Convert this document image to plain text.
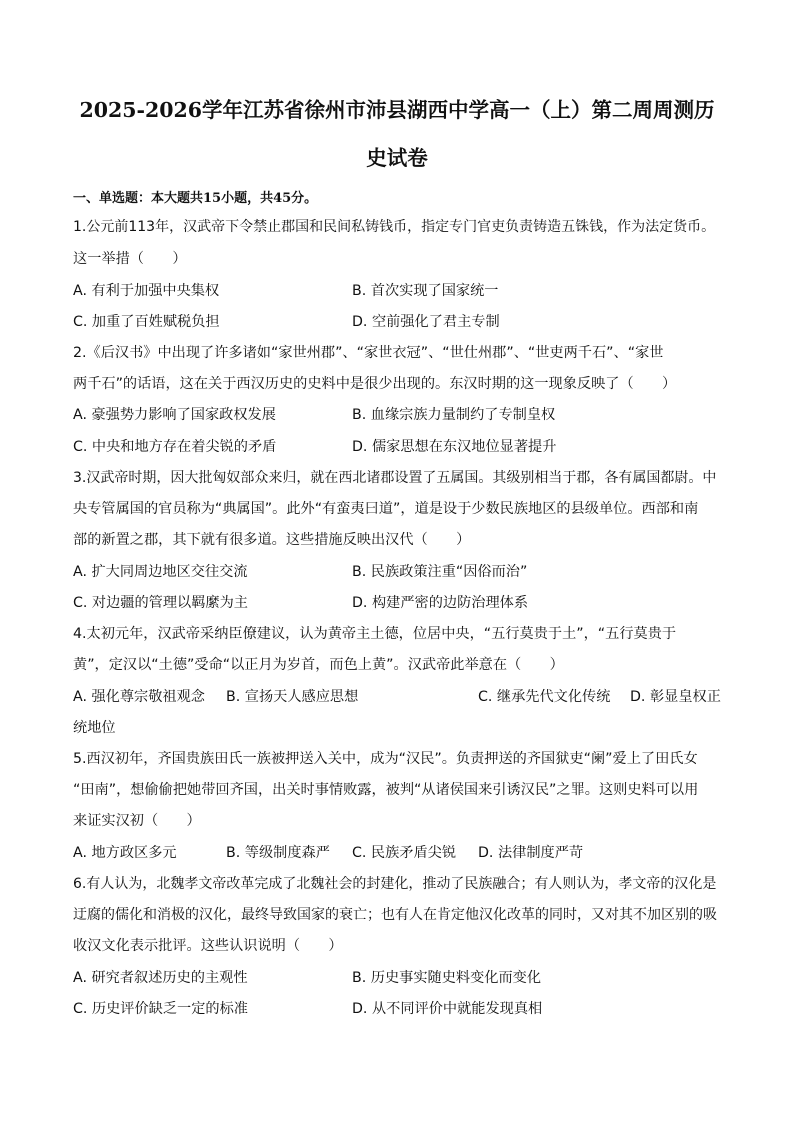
2025-2026学年江苏省徐州市沛县湖西中学高一（上）第二周周测历
史试卷
一、单选题：本大题共15小题，共45分。
1.公元前113年，汉武帝下令禁止郡国和民间私铸钱币，指定专门官吏负责铸造五铢钱，作为法定货币。
这一举措（　　）
A. 有利于加强中央集权	B. 首次实现了国家统一
C. 加重了百姓赋税负担	D. 空前强化了君主专制
2.《后汉书》中出现了许多诸如“家世州郡”、“家世衣冠”、“世仕州郡”、“世吏两千石”、“家世
两千石”的话语，这在关于西汉历史的史料中是很少出现的。东汉时期的这一现象反映了（　　）
A. 豪强势力影响了国家政权发展	B. 血缘宗族力量制约了专制皇权
C. 中央和地方存在着尖锐的矛盾	D. 儒家思想在东汉地位显著提升
3.汉武帝时期，因大批匈奴部众来归，就在西北诸郡设置了五属国。其级别相当于郡，各有属国都尉。中
央专管属国的官员称为“典属国”。此外“有蛮夷曰道”，道是设于少数民族地区的县级单位。西部和南
部的新置之郡，其下就有很多道。这些措施反映出汉代（　　）
A. 扩大同周边地区交往交流	B. 民族政策注重“因俗而治”
C. 对边疆的管理以羁縻为主	D. 构建严密的边防治理体系
4.太初元年，汉武帝采纳臣僚建议，认为黄帝主土德，位居中央，“五行莫贵于土”，“五行莫贵于
黄”，定汉以“土德”受命“以正月为岁首，而色上黄”。汉武帝此举意在（　　）
A. 强化尊宗敬祖观念 B. 宣扬天人感应思想	C. 继承先代文化传统 D. 彰显皇权正
统地位
5.西汉初年，齐国贵族田氏一族被押送入关中，成为“汉民”。负责押送的齐国狱吏“阑”爱上了田氏女
“田南”，想偷偷把她带回齐国，出关时事情败露，被判“从诸侯国来引诱汉民”之罪。这则史料可以用
来证实汉初（　　）
A. 地方政区多元	B. 等级制度森严 C. 民族矛盾尖锐 D. 法律制度严苛
6.有人认为，北魏孝文帝改革完成了北魏社会的封建化，推动了民族融合；有人则认为，孝文帝的汉化是
迂腐的儒化和消极的汉化，最终导致国家的衰亡；也有人在肯定他汉化改革的同时，又对其不加区别的吸
收汉文化表示批评。这些认识说明（　　）
A. 研究者叙述历史的主观性	B. 历史事实随史料变化而变化
C. 历史评价缺乏一定的标准	D. 从不同评价中就能发现真相
